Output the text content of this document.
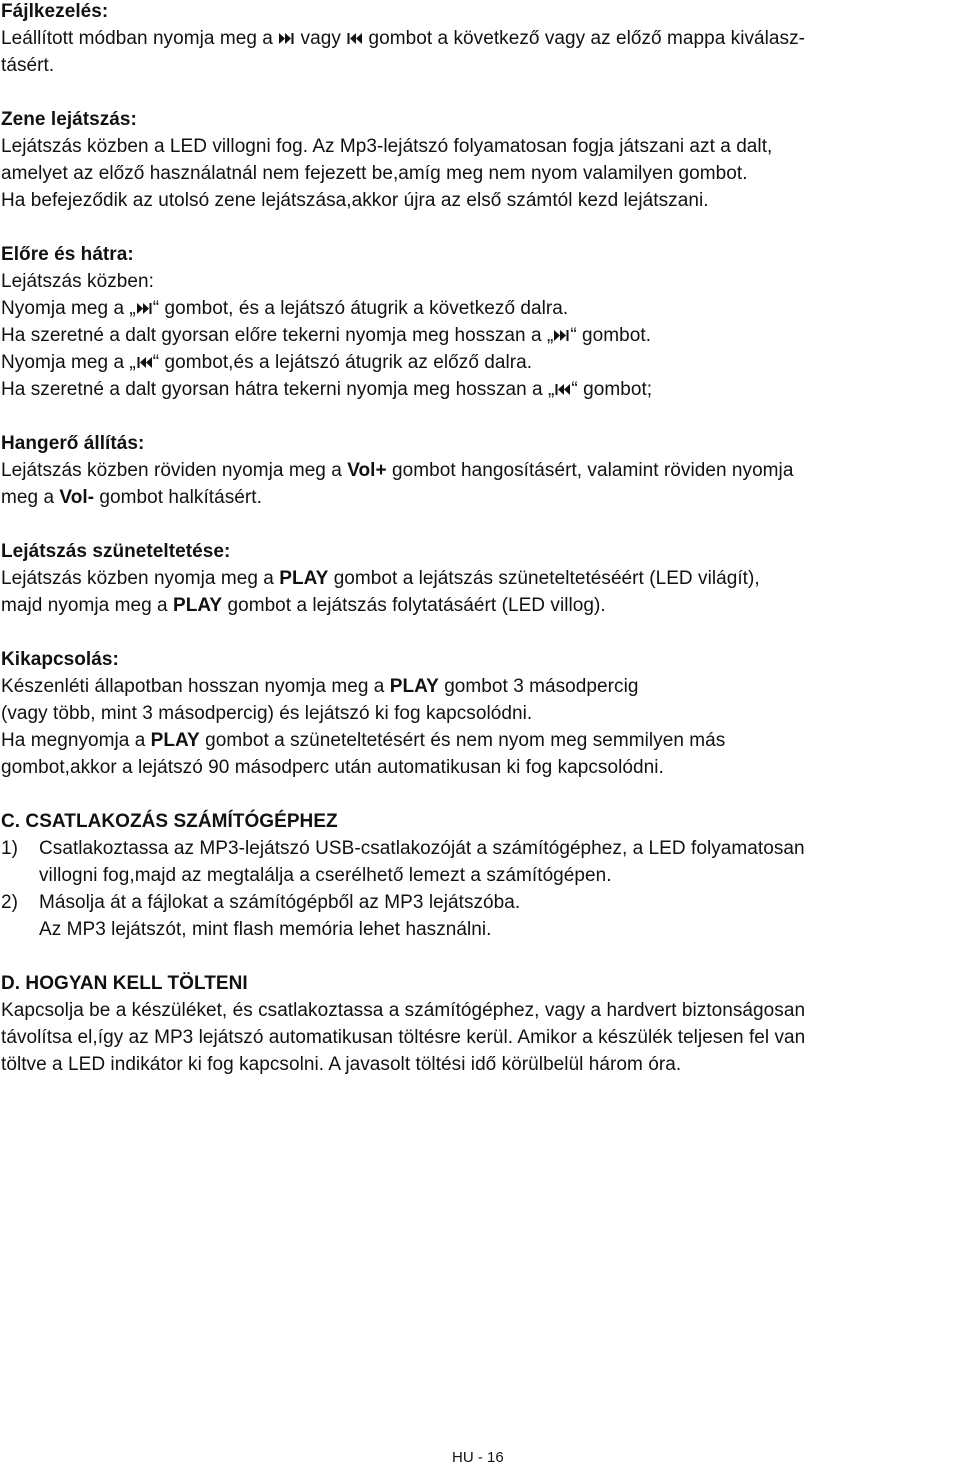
Fájlkezelés:
Leállított módban nyomja meg a
vagy
gombot a következő vagy az előző mappa kiválasz-
tásért.
Zene lejátszás:
Lejátszás közben a LED villogni fog. Az Mp3-lejátszó folyamatosan fogja játszani azt a dalt,
amelyet az előző használatnál nem fejezett be,amíg meg nem nyom valamilyen gombot.
Ha befejeződik az utolsó zene lejátszása,akkor újra az első számtól kezd lejátszani.
Előre és hátra:
Lejátszás közben:
Nyomja meg a „ “ gombot, és a lejátszó átugrik a következő dalra.
Ha szeretné a dalt gyorsan előre tekerni nyomja meg hosszan a „ “ gombot.
Nyomja meg a „ “ gombot,és a lejátszó átugrik az előző dalra.
Ha szeretné a dalt gyorsan hátra tekerni nyomja meg hosszan a „ “ gombot;
Hangerő állítás:
Lejátszás közben röviden nyomja meg a Vol+ gombot hangosításért, valamint röviden nyomja
meg a Vol- gombot halkításért.
Lejátszás szüneteltetése:
Lejátszás közben nyomja meg a PLAY gombot a lejátszás szüneteltetéséért (LED világít),
majd nyomja meg a PLAY gombot a lejátszás folytatásáért (LED villog).
Kikapcsolás:
Készenléti állapotban hosszan nyomja meg a PLAY gombot 3 másodpercig
(vagy több, mint 3 másodpercig) és lejátszó ki fog kapcsolódni.
Ha megnyomja a PLAY gombot a szüneteltetésért és nem nyom meg semmilyen más
gombot,akkor a lejátszó 90 másodperc után automatikusan ki fog kapcsolódni.
C. CSATLAKOZÁS SZÁMÍTÓGÉPHEZ
1) Csatlakoztassa az MP3-lejátszó USB-csatlakozóját a számítógéphez, a LED folyamatosan
villogni fog,majd az megtalálja a cserélhető lemezt a számítógépen.
2) Másolja át a fájlokat a számítógépből az MP3 lejátszóba.
Az MP3 lejátszót, mint flash memória lehet használni.
D. HOGYAN KELL TÖLTENI
Kapcsolja be a készüléket, és csatlakoztassa a számítógéphez, vagy a hardvert biztonságosan
távolítsa el,így az MP3 lejátszó automatikusan töltésre kerül. Amikor a készülék teljesen fel van
töltve a LED indikátor ki fog kapcsolni. A javasolt töltési idő körülbelül három óra.
HU - 16
